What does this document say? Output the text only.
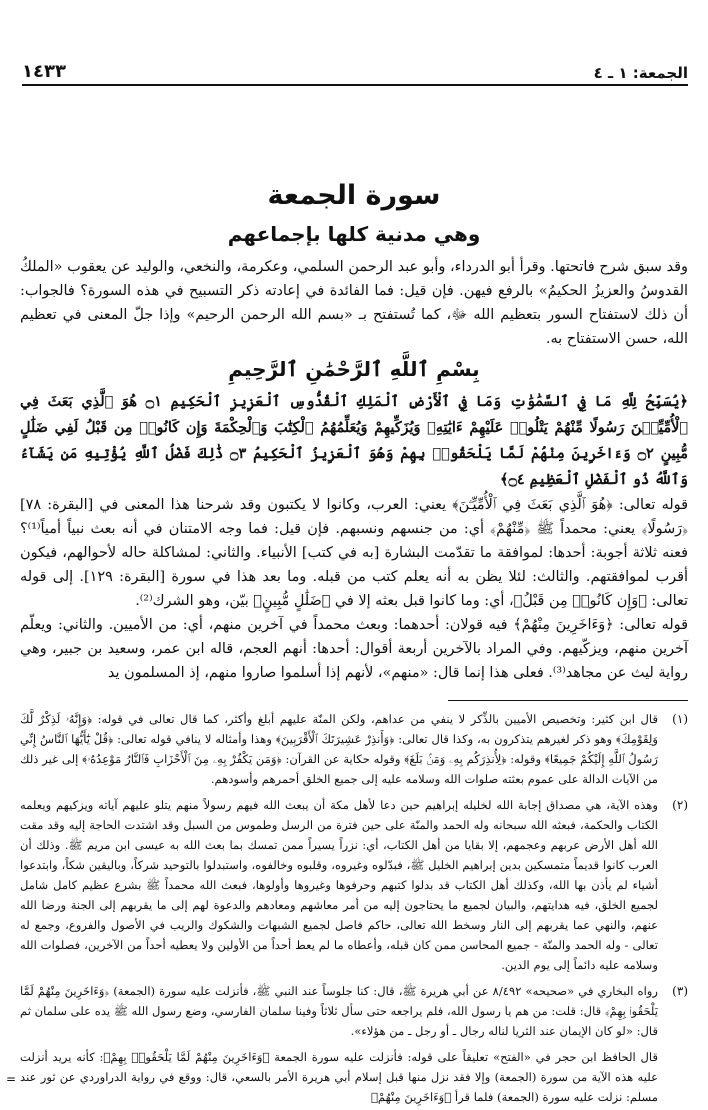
الجمعة: ١ ـ ٤
١٤٣٣
سورة الجمعة
وهي مدنية كلها بإجماعهم

وقد سبق شرح فاتحتها. وقرأ أبو الدرداء، وأبو عبد الرحمن السلمي، وعكرمة، والنخعي، والوليد عن يعقوب «الملكُ القدوسُ والعزيزُ الحكيمُ» بالرفع فيهن. فإن قيل: فما الفائدة في إعادته ذكر التسبيح في هذه السورة؟ فالجواب: أن ذلك لاستفتاح السور بتعظيم الله ﷻ، كما تُستفتح بـ «بسم الله الرحمن الرحيم» وإذا جلّ المعنى في تعظيم الله، حسن الاستفتاح به.

بِسْمِ ٱللَّهِ ٱلرَّحْمَٰنِ ٱلرَّحِيمِ

﴿يُسَبِّحُ لِلَّهِ مَا فِي ٱلسَّمَٰوَٰتِ وَمَا فِي ٱلْأَرْضِ ٱلْمَلِكِ ٱلْقُدُّوسِ ٱلْعَزِيزِ ٱلْحَكِيمِ ۝١ هُوَ ٱلَّذِي بَعَثَ فِي ٱلْأُمِّيِّـۧنَ رَسُولًا مِّنْهُمْ يَتْلُوا۟ عَلَيْهِمْ ءَايَٰتِهِۦ وَيُزَكِّيهِمْ وَيُعَلِّمُهُمُ ٱلْكِتَٰبَ وَٱلْحِكْمَةَ وَإِن كَانُوا۟ مِن قَبْلُ لَفِي ضَلَٰلٍ مُّبِينٍ ۝٢ وَءَاخَرِينَ مِنْهُمْ لَمَّا يَلْحَقُوا۟ بِهِمْ وَهُوَ ٱلْعَزِيزُ ٱلْحَكِيمُ ۝٣ ذَٰلِكَ فَضْلُ ٱللَّهِ يُؤْتِيهِ مَن يَشَآءُ وَٱللَّهُ ذُو ٱلْفَضْلِ ٱلْعَظِيمِ ۝٤﴾

قوله تعالى: ﴿هُوَ ٱلَّذِي بَعَثَ فِي ٱلْأُمِّيِّـۧنَ﴾ يعني: العرب، وكانوا لا يكتبون وقد شرحنا هذا المعنى في [البقرة: ٧٨] ﴿رَسُولًا﴾ يعني: محمداً ﷺ ﴿مِّنْهُمْ﴾ أي: من جنسهم ونسبهم. فإن قيل: فما وجه الامتنان في أنه بعث نبياً أمياً⁽¹⁾؟ فعنه ثلاثة أجوبة: أحدها: لموافقة ما تقدّمت البشارة [به في كتب] الأنبياء. والثاني: لمشاكلة حاله لأحوالهم، فيكون أقرب لموافقتهم. والثالث: لئلا يظن به أنه يعلم كتب من قبله. وما بعد هذا في سورة [البقرة: ١٢٩]. إلى قوله تعالى: ﴿وَإِن كَانُوا۟ مِن قَبْلُ﴾، أي: وما كانوا قبل بعثه إلا في ﴿ضَلَٰلٍ مُّبِينٍ﴾ بيّن، وهو الشرك⁽²⁾.

قوله تعالى: ﴿وَءَاخَرِينَ مِنْهُمْ﴾ فيه قولان: أحدهما: وبعث محمداً في آخرين منهم، أي: من الأميين. والثاني: ويعلّم آخرين منهم، ويزكّيهم. وفي المراد بالآخرين أربعة أقوال: أحدها: أنهم العجم، قاله ابن عمر، وسعيد بن جبير، وهي رواية ليث عن مجاهد⁽³⁾. فعلى هذا إنما قال: «منهم»، لأنهم إذا أسلموا صاروا منهم، إذ المسلمون يد

(١)
قال ابن كثير: وتخصيص الأميين بالذِّكر لا ينفي من عداهم، ولكن المنّة عليهم أبلغ وأكثر، كما قال تعالى في قوله: ﴿وَإِنَّهُۥ لَذِكْرٌ لَّكَ وَلِقَوْمِكَ﴾ وهو ذكر لغيرهم يتذكرون به، وكذا قال تعالى: ﴿وَأَنذِرْ عَشِيرَتَكَ ٱلْأَقْرَبِينَ﴾ وهذا وأمثاله لا ينافي قوله تعالى: ﴿قُلْ يَٰٓأَيُّهَا ٱلنَّاسُ إِنِّي رَسُولُ ٱللَّهِ إِلَيْكُمْ جَمِيعًا﴾ وقوله: ﴿لِأُنذِرَكُم بِهِۦ وَمَنۢ بَلَغَ﴾ وقوله حكاية عن القرآن: ﴿وَمَن يَكْفُرْ بِهِۦ مِنَ ٱلْأَحْزَابِ فَٱلنَّارُ مَوْعِدُهُۥ﴾ إلى غير ذلك من الآيات الدالة على عموم بعثته صلوات الله وسلامه عليه إلى جميع الخلق أحمرهم وأسودهم.
(٢)
وهذه الآية، هي مصداق إجابة الله لخليله إبراهيم حين دعا لأهل مكة أن يبعث الله فيهم رسولاً منهم يتلو عليهم آياته ويزكيهم ويعلمه الكتاب والحكمة، فبعثه الله سبحانه وله الحمد والمنّة على حين فترة من الرسل وطموس من السبل وقد اشتدت الحاجة إليه وقد مقت الله أهل الأرض عربهم وعجمهم، إلا بقايا من أهل الكتاب، أي: نزراً يسيراً ممن تمسك بما بعث الله به عيسى ابن مريم ﷺ. وذلك أن العرب كانوا قديماً متمسكين بدين إبراهيم الخليل ﷺ، فبدّلوه وغيروه، وقلبوه وخالفوه، واستبدلوا بالتوحيد شركاً، وباليقين شكاً، وابتدعوا أشياء لم يأذن بها الله، وكذلك أهل الكتاب قد بدلوا كتبهم وحرفوها وغيروها وأولوها، فبعث الله محمداً ﷺ بشرع عظيم كامل شامل لجميع الخلق، فيه هدايتهم، والبيان لجميع ما يحتاجون إليه من أمر معاشهم ومعادهم والدعوة لهم إلى ما يقربهم إلى الجنة ورضا الله عنهم، والنهي عما يقربهم إلى النار وسخط الله تعالى، حاكم فاصل لجميع الشبهات والشكوك والريب في الأصول والفروع، وجمع له تعالى - وله الحمد والمنّة - جميع المحاسن ممن كان قبله، وأعطاه ما لم يعط أحداً من الأولين ولا يعطيه أحداً من الآخرين، فصلوات الله وسلامه عليه دائماً إلى يوم الدين.
(٣)
رواه البخاري في «صحيحه» ٨/٤٩٢ عن أبي هريرة ﷺ، قال: كنا جلوساً عند النبي ﷺ، فأنزلت عليه سورة (الجمعة) ﴿وَءَاخَرِينَ مِنْهُمْ لَمَّا يَلْحَقُوا۟ بِهِمْ﴾ قال: قلت: من هم يا رسول الله، فلم يراجعه حتى سأل ثلاثاً وفينا سلمان الفارسي، وضع رسول الله ﷺ يده على سلمان ثم قال: «لو كان الإيمان عند الثريا لناله رجال ـ أو رجل ـ من هؤلاء».
قال الحافظ ابن حجر في «الفتح» تعليقاً على قوله: فأنزلت عليه سورة الجمعة ﴿وَءَاخَرِينَ مِنْهُمْ لَمَّا يَلْحَقُوا۟ بِهِمْ﴾: كأنه يريد أنزلت عليه هذه الآية من سورة (الجمعة) وإلا فقد نزل منها قبل إسلام أبي هريرة الأمر بالسعي، قال: ووقع في رواية الدراوردي عن ثور عند مسلم: نزلت عليه سورة (الجمعة) فلما قرأ ﴿وَءَاخَرِينَ مِنْهُمْ﴾
=
